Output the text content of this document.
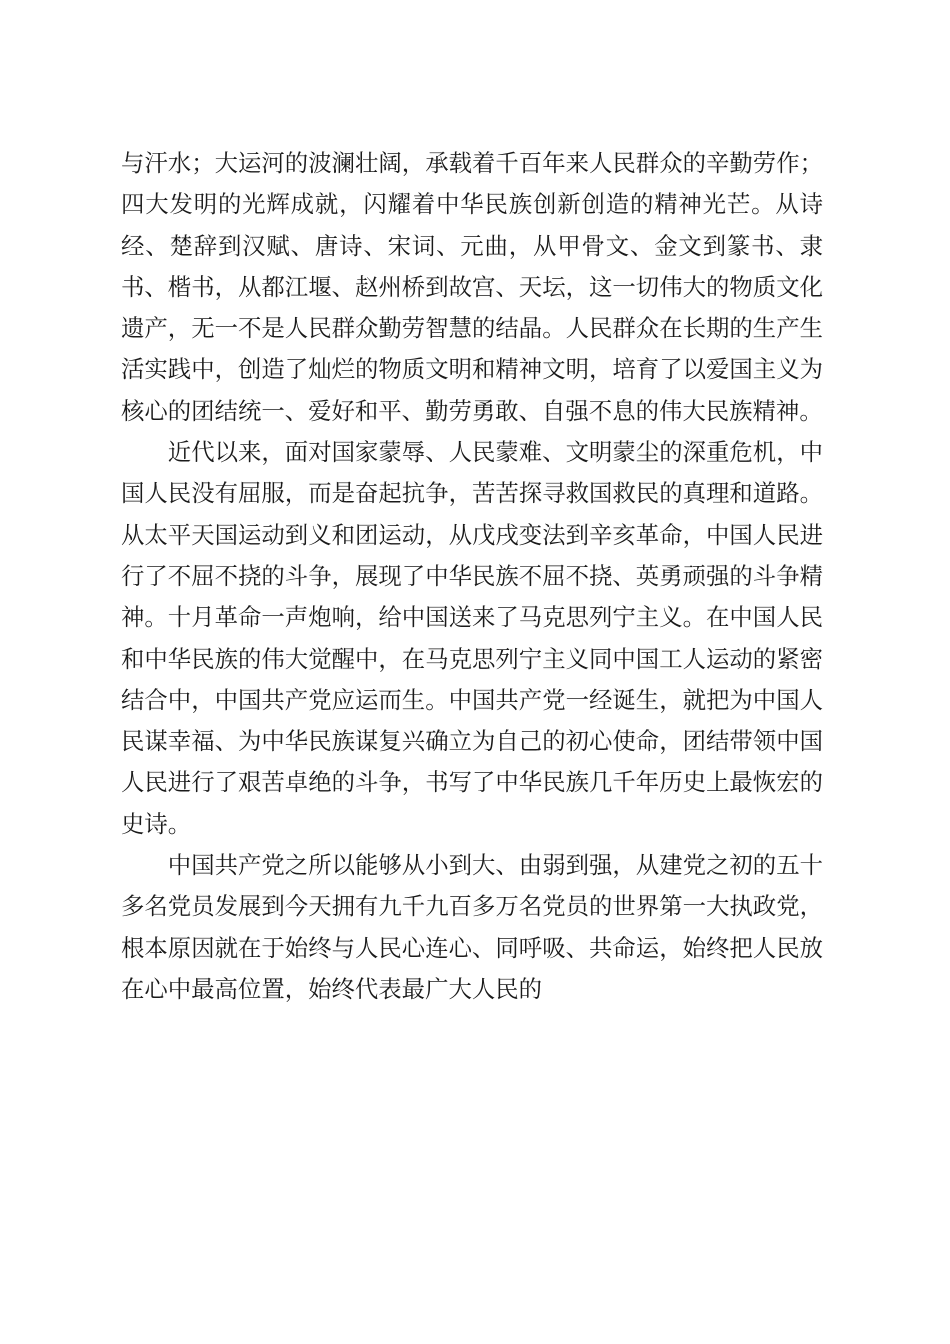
与汗水；大运河的波澜壮阔，承载着千百年来人民群众的辛勤劳作；四大发明的光辉成就，闪耀着中华民族创新创造的精神光芒。从诗经、楚辞到汉赋、唐诗、宋词、元曲，从甲骨文、金文到篆书、隶书、楷书，从都江堰、赵州桥到故宫、天坛，这一切伟大的物质文化遗产，无一不是人民群众勤劳智慧的结晶。人民群众在长期的生产生活实践中，创造了灿烂的物质文明和精神文明，培育了以爱国主义为核心的团结统一、爱好和平、勤劳勇敢、自强不息的伟大民族精神。

近代以来，面对国家蒙辱、人民蒙难、文明蒙尘的深重危机，中国人民没有屈服，而是奋起抗争，苦苦探寻救国救民的真理和道路。从太平天国运动到义和团运动，从戊戌变法到辛亥革命，中国人民进行了不屈不挠的斗争，展现了中华民族不屈不挠、英勇顽强的斗争精神。十月革命一声炮响，给中国送来了马克思列宁主义。在中国人民和中华民族的伟大觉醒中，在马克思列宁主义同中国工人运动的紧密结合中，中国共产党应运而生。中国共产党一经诞生，就把为中国人民谋幸福、为中华民族谋复兴确立为自己的初心使命，团结带领中国人民进行了艰苦卓绝的斗争，书写了中华民族几千年历史上最恢宏的史诗。

中国共产党之所以能够从小到大、由弱到强，从建党之初的五十多名党员发展到今天拥有九千九百多万名党员的世界第一大执政党，根本原因就在于始终与人民心连心、同呼吸、共命运，始终把人民放在心中最高位置，始终代表最广大人民的
